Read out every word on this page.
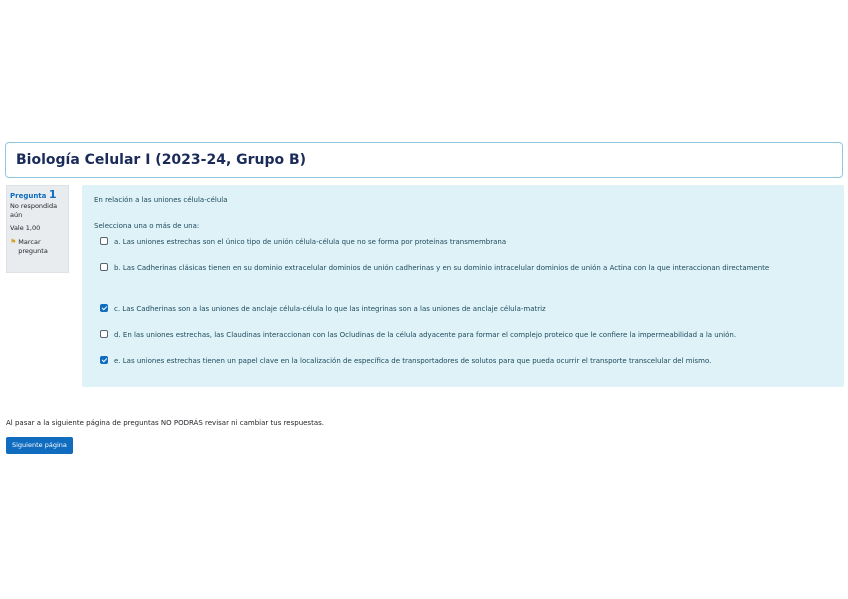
Biología Celular I (2023-24, Grupo B)
Pregunta 1
No respondida aún
Vale 1,00
⚑ Marcar pregunta
En relación a las uniones célula-célula
Selecciona una o más de una:
a. Las uniones estrechas son el único tipo de unión célula-célula que no se forma por proteínas transmembrana
b. Las Cadherinas clásicas tienen en su dominio extracelular dominios de unión cadherinas y en su dominio intracelular dominios de unión a Actina con la que interaccionan directamente
c. Las Cadherinas son a las uniones de anclaje célula-célula lo que las integrinas son a las uniones de anclaje célula-matriz
d. En las uniones estrechas, las Claudinas interaccionan con las Ocludinas de la célula adyacente para formar el complejo proteico que le confiere la impermeabilidad a la unión.
e. Las uniones estrechas tienen un papel clave en la localización de específica de transportadores de solutos para que pueda ocurrir el transporte transcelular del mismo.
Al pasar a la siguiente página de preguntas NO PODRÁS revisar ni cambiar tus respuestas.
Siguiente página
